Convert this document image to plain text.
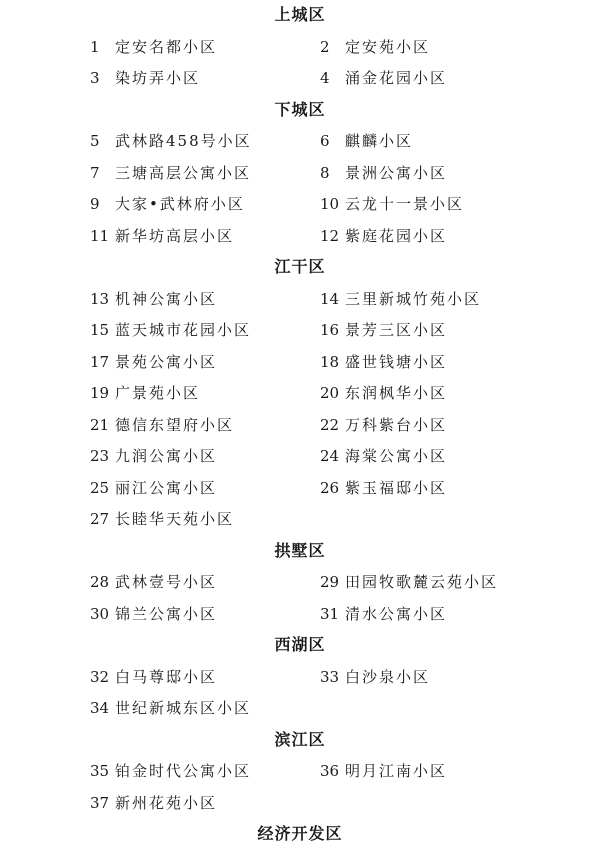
上城区
1 定安名都小区	2 定安苑小区
3 染坊弄小区	4 涌金花园小区
下城区
5 武林路458号小区	6 麒麟小区
7 三塘高层公寓小区	8 景洲公寓小区
9 大家•武林府小区	10 云龙十一景小区
11 新华坊高层小区	12 紫庭花园小区
江干区
13 机神公寓小区	14 三里新城竹苑小区
15 蓝天城市花园小区	16 景芳三区小区
17 景苑公寓小区	18 盛世钱塘小区
19 广景苑小区	20 东润枫华小区
21 德信东望府小区	22 万科紫台小区
23 九润公寓小区	24 海棠公寓小区
25 丽江公寓小区	26 紫玉福邸小区
27 长睦华天苑小区
拱墅区
28 武林壹号小区	29 田园牧歌麓云苑小区
30 锦兰公寓小区	31 清水公寓小区
西湖区
32 白马尊邸小区	33 白沙泉小区
34 世纪新城东区小区
滨江区
35 铂金时代公寓小区	36 明月江南小区
37 新州花苑小区
经济开发区
